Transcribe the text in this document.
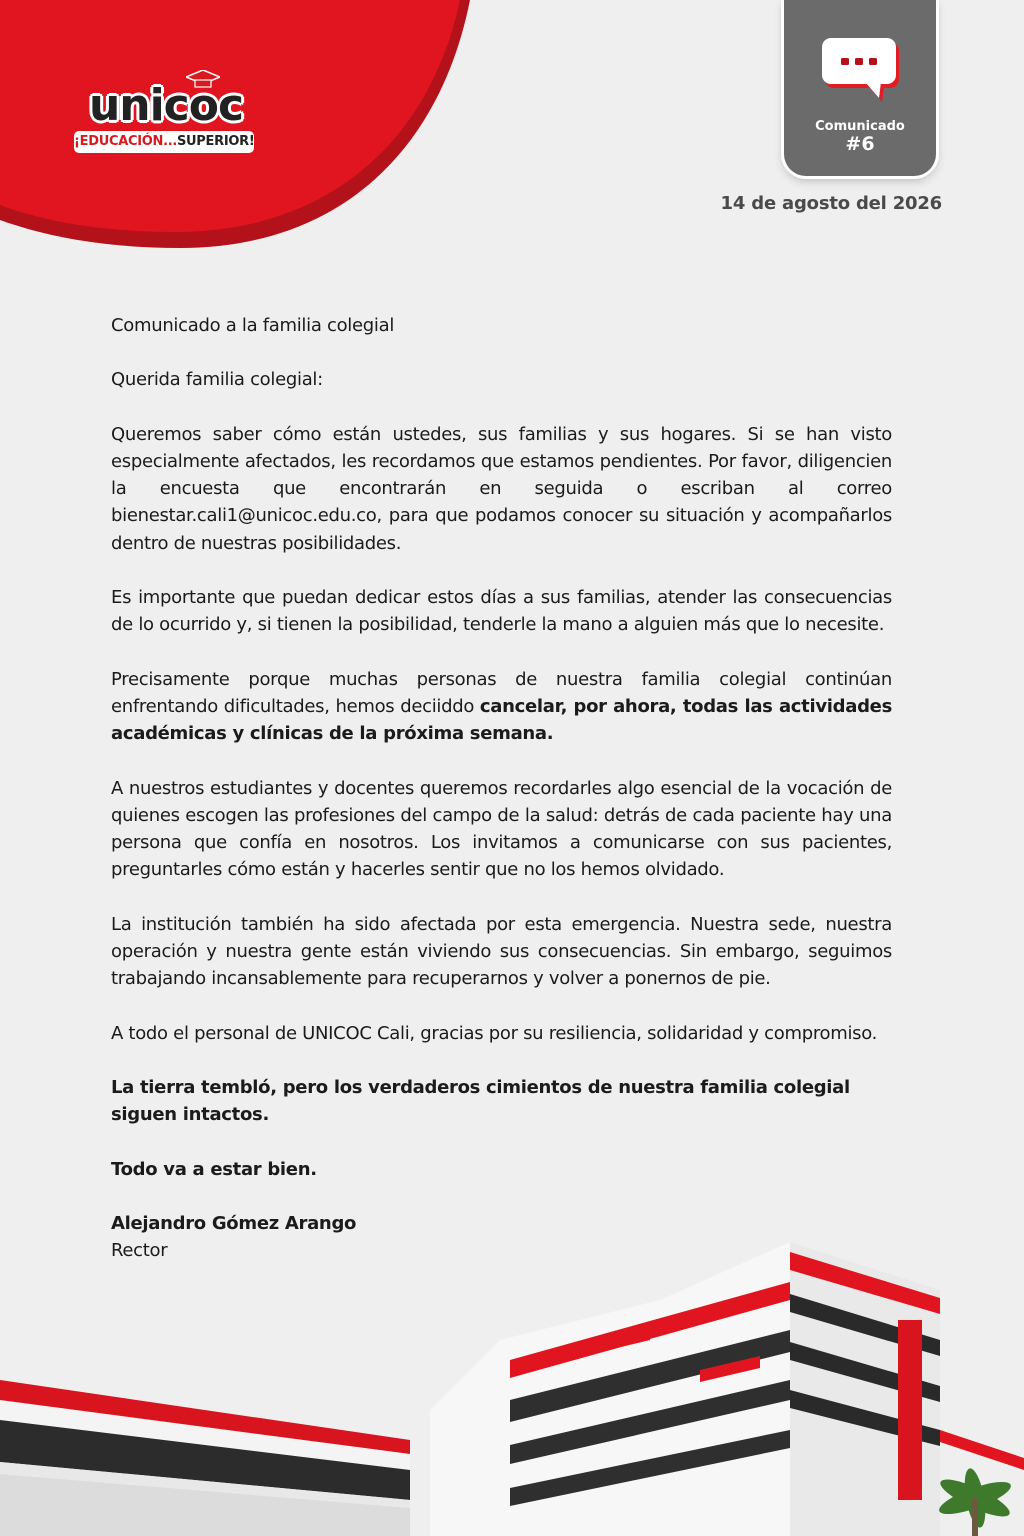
unicoc
¡EDUCACIÓN...SUPERIOR!
Comunicado
#6
14 de agosto del 2026

Comunicado a la familia colegial

Querida familia colegial:

Queremos saber cómo están ustedes, sus familias y sus hogares. Si se han visto especialmente afectados, les recordamos que estamos pendientes. Por favor, diligencien la encuesta que encontrarán en seguida o escriban al correo bienestar.cali1@unicoc.edu.co, para que podamos conocer su situación y acompañarlos dentro de nuestras posibilidades.

Es importante que puedan dedicar estos días a sus familias, atender las consecuencias de lo ocurrido y, si tienen la posibilidad, tenderle la mano a alguien más que lo necesite.

Precisamente porque muchas personas de nuestra familia colegial continúan enfrentando dificultades, hemos deciiddo cancelar, por ahora, todas las actividades académicas y clínicas de la próxima semana.

A nuestros estudiantes y docentes queremos recordarles algo esencial de la vocación de quienes escogen las profesiones del campo de la salud: detrás de cada paciente hay una persona que confía en nosotros. Los invitamos a comunicarse con sus pacientes, preguntarles cómo están y hacerles sentir que no los hemos olvidado.

La institución también ha sido afectada por esta emergencia. Nuestra sede, nuestra operación y nuestra gente están viviendo sus consecuencias. Sin embargo, seguimos trabajando incansablemente para recuperarnos y volver a ponernos de pie.

A todo el personal de UNICOC Cali, gracias por su resiliencia, solidaridad y compromiso.

La tierra tembló, pero los verdaderos cimientos de nuestra familia colegial siguen intactos.

Todo va a estar bien.

Alejandro Gómez Arango
Rector
